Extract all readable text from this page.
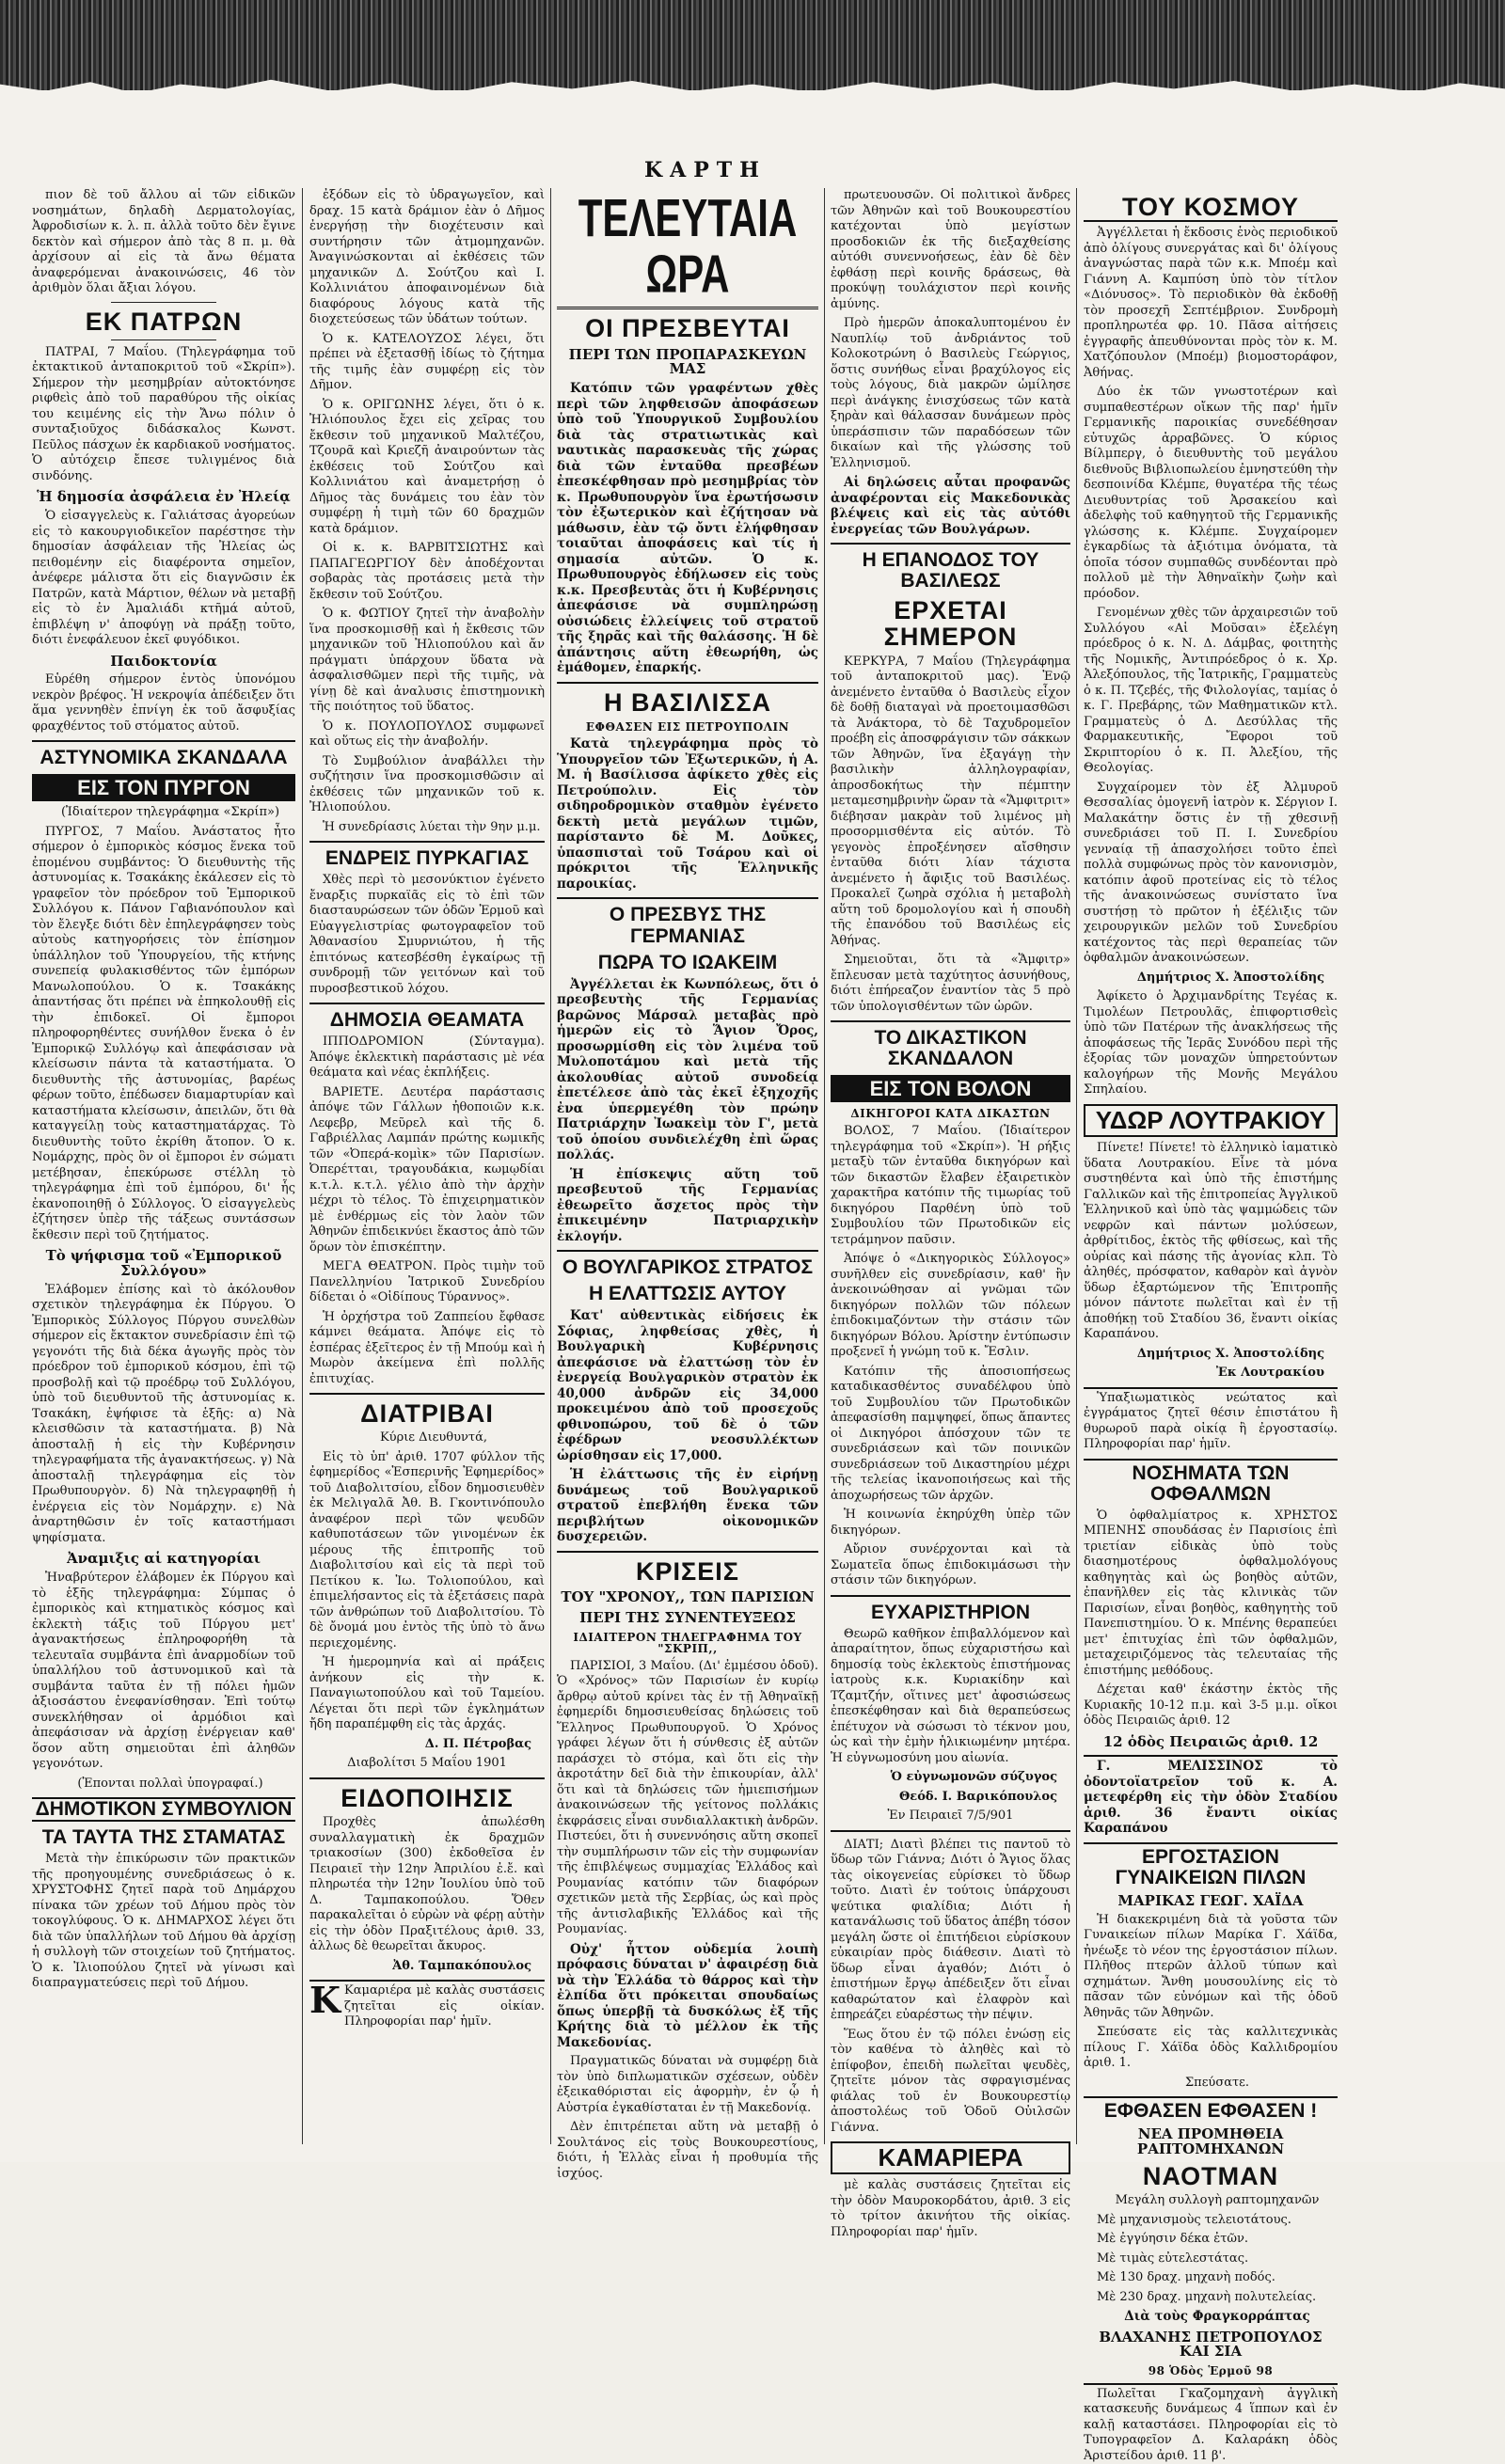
ΚΑΡΤΗ

πιον δὲ τοῦ ἄλλου αἱ τῶν εἰδικῶν νοσημάτων, δηλαδὴ Δερματολογίας, Ἀφροδισίων κ. λ. π. ἀλλὰ τοῦτο δὲν ἔγινε δεκτὸν καὶ σήμερον ἀπὸ τὰς 8 π. μ. θὰ ἀρχίσουν αἱ εἰς τὰ ἄνω θέματα ἀναφερόμεναι ἀνακοινώσεις, 46 τὸν ἀριθμὸν ὅλαι ἄξιαι λόγου.

ΕΚ ΠΑΤΡΩΝ

ΠΑΤΡΑΙ, 7 Μαΐου. (Τηλεγράφημα τοῦ ἐκτακτικοῦ ἀνταποκριτοῦ τοῦ «Σκρίπ»). Σήμερον τὴν μεσημβρίαν αὐτοκτόνησε ριφθεὶς ἀπὸ τοῦ παραθύρου τῆς οἰκίας του κειμένης εἰς τὴν Ἄνω πόλιν ὁ συνταξιοῦχος διδάσκαλος Κωνστ. Πεῦλος πάσχων ἐκ καρδιακοῦ νοσήματος. Ὁ αὐτόχειρ ἔπεσε τυλιγμένος διὰ σινδόνης.

Ἡ δημοσία ἀσφάλεια ἐν Ἠλείᾳ

Ὁ εἰσαγγελεὺς κ. Γαλιάτσας ἀγορεύων εἰς τὸ κακουργιοδικεῖον παρέστησε τὴν δημοσίαν ἀσφάλειαν τῆς Ἠλείας ὡς πειθομένην εἰς διαφέροντα σημεῖον, ἀνέφερε μάλιστα ὅτι εἰς διαγνῶσιν ἐκ Πατρῶν, κατὰ Μάρτιον, θέλων νὰ μεταβῇ εἰς τὸ ἐν Ἀμαλιάδι κτῆμά αὐτοῦ, ἐπιβλέψη ν' ἀποφύγῃ νὰ πράξῃ τοῦτο, διότι ἐνεφάλευον ἐκεῖ φυγόδικοι.

Παιδοκτονία

Εὑρέθη σήμερον ἐντὸς ὑπονόμου νεκρὸν βρέφος. Ἡ νεκροψία ἀπέδειξεν ὅτι ἅμα γεννηθὲν ἐπνίγη ἐκ τοῦ ἄσφυξίας φραχθέντος τοῦ στόματος αὐτοῦ.

ΑΣΤΥΝΟΜΙΚΑ ΣΚΑΝΔΑΛΑ
ΕΙΣ ΤΟΝ ΠΥΡΓΟΝ

(Ἰδιαίτερον τηλεγράφημα «Σκρίπ»)

ΠΥΡΓΟΣ, 7 Μαΐου. Ἀνάστατος ἦτο σήμερον ὁ ἐμπορικὸς κόσμος ἕνεκα τοῦ ἐπομένου συμβάντος: Ὁ διευθυντὴς τῆς ἀστυνομίας κ. Τσακάκης ἐκάλεσεν εἰς τὸ γραφεῖον τὸν πρόεδρον τοῦ Ἐμπορικοῦ Συλλόγου κ. Πάνον Γαβιανόπουλον καὶ τὸν ἔλεγξε διότι δὲν ἐπηλεγράφησεν τοὺς αὐτοὺς κατηγορήσεις τὸν ἐπίσημον ὑπάλληλον τοῦ Ὑπουργείου, τῆς κτήνης συνεπείᾳ φυλακισθέντος τῶν ἐμπόρων Μανωλοπούλου. Ὁ κ. Τσακάκης ἀπαντήσας ὅτι πρέπει νὰ ἐπηκολουθῇ εἰς τὴν ἐπιδοκεῖ. Οἱ ἔμποροι πληροφορηθέντες συνήλθον ἕνεκα ὁ ἐν Ἐμπορικῷ Συλλόγῳ καὶ ἀπεφάσισαν νὰ κλείσωσιν πάντα τὰ καταστήματα. Ὁ διευθυντὴς τῆς ἀστυνομίας, βαρέως φέρων τοῦτο, ἐπέδωσεν διαμαρτυρίαν καὶ καταστήματα κλείσωσιν, ἀπειλῶν, ὅτι θὰ καταγγείλῃ τοὺς καταστηματάρχας. Τὸ διευθυντὴς τοῦτο ἐκρίθη ἄτοπον. Ὁ κ. Νομάρχης, πρὸς ὃν οἱ ἔμποροι ἐν σώματι μετέβησαν, ἐπεκύρωσε στέλλη τὸ τηλεγράφημα ἐπὶ τοῦ ἐμπόρου, δι' ἧς ἐκανοποιηθῇ ὁ Σύλλογος. Ὁ εἰσαγγελεὺς ἐζήτησεν ὑπὲρ τῆς τάξεως συντάσσων ἔκθεσιν περὶ τοῦ ζητήματος.

Τὸ ψήφισμα τοῦ «Ἐμπορικοῦ Συλλόγου»

Ἐλάβομεν ἐπίσης καὶ τὸ ἀκόλουθον σχετικὸν τηλεγράφημα ἐκ Πύργου. Ὁ Ἐμπορικὸς Σύλλογος Πύργου συνελθὼν σήμερον εἰς ἔκτακτον συνεδρίασιν ἐπὶ τῷ γεγονότι τῆς διὰ δέκα ἀγωγῆς πρὸς τὸν πρόεδρον τοῦ ἐμπορικοῦ κόσμου, ἐπὶ τῷ προσβολῇ καὶ τῷ προέδρῳ τοῦ Συλλόγου, ὑπὸ τοῦ διευθυντοῦ τῆς ἀστυνομίας κ. Τσακάκη, ἐψήφισε τὰ ἑξῆς: α) Νὰ κλεισθῶσιν τὰ καταστήματα. β) Νὰ ἀποσταλῇ ἡ εἰς τὴν Κυβέρνησιν τηλεγραφήματα τῆς ἀγανακτήσεως. γ) Νὰ ἀποσταλῇ τηλεγράφημα εἰς τὸν Πρωθυπουργὸν. δ) Νὰ τηλεγραφηθῇ ἡ ἐνέργεια εἰς τὸν Νομάρχην. ε) Νὰ ἀναρτηθῶσιν ἐν τοῖς καταστήμασι ψηφίσματα.

Ἀναμιξις αἱ κατηγορίαι

Ἠναβρύτερον ἐλάβομεν ἐκ Πύργου καὶ τὸ ἑξῆς τηλεγράφημα: Σύμπας ὁ ἐμπορικὸς καὶ κτηματικὸς κόσμος καὶ ἐκλεκτὴ τάξις τοῦ Πύργου μετ' ἀγανακτήσεως ἐπληροφορήθη τὰ τελευταῖα συμβάντα ἐπὶ ἀναρμοδίων τοῦ ὑπαλλήλου τοῦ ἀστυνομικοῦ καὶ τὰ συμβάντα ταῦτα ἐν τῇ πόλει ἡμῶν ἀξιοσάστου ἐνεφανίσθησαν. Ἐπὶ τούτῳ συνεκλήθησαν οἱ ἀρμόδιοι καὶ ἀπεφάσισαν νὰ ἀρχίσῃ ἐνέργειαν καθ' ὅσον αὕτη σημειοῦται ἐπὶ ἀληθῶν γεγονότων.

(Ἐπονται πολλαὶ ὑπογραφαί.)

ΔΗΜΟΤΙΚΟΝ ΣΥΜΒΟΥΛΙΟΝ
ΤΑ ΤΑΥΤΑ ΤΗΣ ΣΤΑΜΑΤΑΣ

Μετὰ τὴν ἐπικύρωσιν τῶν πρακτικῶν τῆς προηγουμένης συνεδριάσεως ὁ κ. ΧΡΥΣΤΟΦΗΣ ζητεῖ παρὰ τοῦ Δημάρχου πίνακα τῶν χρέων τοῦ Δήμου πρὸς τὸν τοκογλύφους. Ὁ κ. ΔΗΜΑΡΧΟΣ λέγει ὅτι διὰ τῶν ὑπαλλήλων τοῦ Δήμου θὰ ἀρχίσῃ ἡ συλλογὴ τῶν στοιχείων τοῦ ζητήματος. Ὁ κ. Ἰλιοπούλου ζητεῖ νὰ γίνωσι καὶ διαπραγματεύσεις περὶ τοῦ Δήμου.

ἐξόδων εἰς τὸ ὑδραγωγεῖον, καὶ δραχ. 15 κατὰ δράμιον ἐὰν ὁ Δῆμος ἐνεργήσῃ τὴν διοχέτευσιν καὶ συντήρησιν τῶν ἀτμομηχανῶν. Ἀναγινώσκονται αἱ ἐκθέσεις τῶν μηχανικῶν Δ. Σούτζου καὶ Ι. Κολλινιάτου ἀποφαινομένων διὰ διαφόρους λόγους κατὰ τῆς διοχετεύσεως τῶν ὑδάτων τούτων.

Ὁ κ. ΚΑΤΕΛΟΥΖΟΣ λέγει, ὅτι πρέπει νὰ ἐξετασθῇ ἰδίως τὸ ζήτημα τῆς τιμῆς ἐὰν συμφέρῃ εἰς τὸν Δῆμον.

Ὁ κ. ΟΡΙΓΩΝΗΣ λέγει, ὅτι ὁ κ. Ἠλιόπουλος ἔχει εἰς χεῖρας του ἔκθεσιν τοῦ μηχανικοῦ Μαλτέζου, Τζουρᾶ καὶ Κριεζῆ ἀναιρούντων τὰς ἐκθέσεις τοῦ Σούτζου καὶ Κολλινιάτου καὶ ἀναμετρήσῃ ὁ Δῆμος τὰς δυνάμεις του ἐὰν τὸν συμφέρῃ ἡ τιμὴ τῶν 60 δραχμῶν κατὰ δράμιον.

Οἱ κ. κ. ΒΑΡΒΙΤΣΙΩΤΗΣ καὶ ΠΑΠΑΓΕΩΡΓΙΟΥ δὲν ἀποδέχονται σοβαρὰς τὰς προτάσεις μετὰ τὴν ἔκθεσιν τοῦ Σούτζου.

Ὁ κ. ΦΩΤΙΟΥ ζητεῖ τὴν ἀναβολὴν ἵνα προσκομισθῇ καὶ ἡ ἔκθεσις τῶν μηχανικῶν τοῦ Ἠλιοπούλου καὶ ἄν πράγματι ὑπάρχουν ὕδατα νὰ ἀσφαλισθῶμεν περὶ τῆς τιμῆς, νὰ γίνῃ δὲ καὶ ἀναλυσις ἐπιστημονικὴ τῆς ποιότητος τοῦ ὕδατος.

Ὁ κ. ΠΟΥΛΟΠΟΥΛΟΣ συμφωνεῖ καὶ οὕτως εἰς τὴν ἀναβολήν.

Τὸ Συμβούλιον ἀναβάλλει τὴν συζήτησιν ἵνα προσκομισθῶσιν αἱ ἐκθέσεις τῶν μηχανικῶν τοῦ κ. Ἠλιοπούλου.

Ἡ συνεδρίασις λύεται τὴν 9ην μ.μ.

ΕΝΔΡΕΙΣ ΠΥΡΚΑΓΙΑΣ

Χθὲς περὶ τὸ μεσονύκτιον ἐγένετο ἔναρξις πυρκαϊᾶς εἰς τὸ ἐπὶ τῶν διασταυρώσεων τῶν ὁδῶν Ἑρμοῦ καὶ Εὐαγγελιστρίας φωτογραφεῖον τοῦ Ἀθανασίου Σμυρνιώτου, ἡ τῆς ἐπιτόνως κατεσβέσθη ἐγκαίρως τῇ συνδρομῇ τῶν γειτόνων καὶ τοῦ πυροσβεστικοῦ λόχου.

ΔΗΜΟΣΙΑ ΘΕΑΜΑΤΑ

ΙΠΠΟΔΡΟΜΙΟΝ (Σύνταγμα). Ἀπόψε ἐκλεκτικὴ παράστασις μὲ νέα θεάματα καὶ νέας ἐκπλήξεις.

ΒΑΡΙΕΤΕ. Δευτέρα παράστασις ἀπόψε τῶν Γάλλων ἠθοποιῶν κ.κ. Λεφεβρ, Μεῦρελ καὶ τῆς δ. Γαβριέλλας Λαμπάν πρώτης κωμικῆς τῶν «Ὀπερά-κομὶκ» τῶν Παρισίων. Ὀπερέτται, τραγουδάκια, κωμῳδίαι κ.τ.λ. κ.τ.λ. γέλιο ἀπὸ τὴν ἀρχὴν μέχρι τὸ τέλος. Τὸ ἐπιχειρηματικὸν μὲ ἐνθέρμως εἰς τὸν λαὸν τῶν Ἀθηνῶν ἐπιδεικνύει ἕκαστος ἀπὸ τῶν ὅρων τὸν ἐπισκέπτην.

ΜΕΓΑ ΘΕΑΤΡΟΝ. Πρὸς τιμὴν τοῦ Πανελληνίου Ἰατρικοῦ Συνεδρίου δίδεται ὁ «Οἰδίπους Τύραννος».

Ἡ ὀρχήστρα τοῦ Ζαππείου ἔφθασε κάμνει θεάματα. Ἀπόψε εἰς τὸ ἑσπέρας ἐξεῖτερος ἐν τῇ Μπούμ καὶ ἡ Μωρὸν ἀκείμενα ἐπὶ πολλῆς ἐπιτυχίας.

ΔΙΑΤΡΙΒΑΙ

Κύριε Διευθυντά,

Εἰς τὸ ὑπ' ἀριθ. 1707 φύλλον τῆς ἐφημερίδος «Ἑσπερινῆς Ἐφημερίδος» τοῦ Διαβολιτσίου, εἶδον δημοσιευθὲν ἐκ Μελιγαλᾶ Ἀθ. Β. Γκοντινόπουλο ἀναφέρον περὶ τῶν ψευδῶν καθυποτάσεων τῶν γινομένων ἐκ μέρους τῆς ἐπιτροπῆς τοῦ Διαβολιτσίου καὶ εἰς τὰ περὶ τοῦ Πετίκου κ. Ἰω. Τολιοπούλου, καὶ ἐπιμελήσαντος εἰς τὰ ἐξετάσεις παρὰ τῶν ἀνθρώπων τοῦ Διαβολιτσίου. Τὸ δὲ ὄνομά μου ἐντὸς τῆς ὑπὸ τὸ ἄνω περιεχομένης.

Ἡ ἡμερομηνία καὶ αἱ πράξεις ἀνήκουν εἰς τὴν κ. Παναγιωτοπούλου καὶ τοῦ Ταμείου. Λέγεται ὅτι περὶ τῶν ἐγκλημάτων ἤδη παραπέμφθη εἰς τὰς ἀρχάς.

Δ. Π. Πέτροβας
Διαβολίτσι 5 Μαΐου 1901
ΕΙΔΟΠΟΙΗΣΙΣ

Προχθὲς ἀπωλέσθη συναλλαγματικὴ ἐκ δραχμῶν τριακοσίων (300) ἐκδοθεῖσα ἐν Πειραιεῖ τὴν 12ην Ἀπριλίου ἐ.ἔ. καὶ πληρωτέα τὴν 12ην Ἰουλίου ὑπὸ τοῦ Δ. Ταμπακοπούλου. Ὅθεν παρακαλεῖται ὁ εὑρὼν νὰ φέρῃ αὐτὴν εἰς τὴν ὁδὸν Πραξιτέλους ἀριθ. 33, ἀλλως δὲ θεωρεῖται ἄκυρος.

Ἀθ. Ταμπακόπουλος
Κ Καμαριέρα μὲ καλὰς συστάσεις ζητεῖται εἰς οἰκίαν. Πληροφορίαι παρ' ἡμῖν.
ΤΕΛΕΥΤΑΙΑ ΩΡΑ
ΟΙ ΠΡΕΣΒΕΥΤΑΙ
ΠΕΡΙ ΤΩΝ ΠΡΟΠΑΡΑΣΚΕΥΩΝ ΜΑΣ

Κατόπιν τῶν γραφέντων χθὲς περὶ τῶν ληφθεισῶν ἀποφάσεων ὑπὸ τοῦ Ὑπουργικοῦ Συμβουλίου διὰ τὰς στρατιωτικὰς καὶ ναυτικὰς παρασκευὰς τῆς χώρας διὰ τῶν ἐνταῦθα πρεσβέων ἐπεσκέφθησαν πρὸ μεσημβρίας τὸν κ. Πρωθυπουργὸν ἵνα ἐρωτήσωσιν τὸν ἐξωτερικὸν καὶ ἐζήτησαν νὰ μάθωσιν, ἐὰν τῷ ὄντι ἐλήφθησαν τοιαῦται ἀποφάσεις καὶ τίς ἡ σημασία αὐτῶν. Ὁ κ. Πρωθυπουργὸς ἐδήλωσεν εἰς τοὺς κ.κ. Πρεσβευτὰς ὅτι ἡ Κυβέρνησις ἀπεφάσισε νὰ συμπληρώσῃ οὐσιώδεις ἐλλείψεις τοῦ στρατοῦ τῆς ξηρᾶς καὶ τῆς θαλάσσης. Ἡ δὲ ἀπάντησις αὕτη ἐθεωρήθη, ὡς ἐμάθομεν, ἐπαρκής.

Η ΒΑΣΙΛΙΣΣΑ
ΕΦΘΑΣΕΝ ΕΙΣ ΠΕΤΡΟΥΠΟΛΙΝ

Κατὰ τηλεγράφημα πρὸς τὸ Ὑπουργεῖον τῶν Ἐξωτερικῶν, ἡ Α. Μ. ἡ Βασίλισσα ἀφίκετο χθὲς εἰς Πετρούπολιν. Εἰς τὸν σιδηροδρομικὸν σταθμὸν ἐγένετο δεκτὴ μετὰ μεγάλων τιμῶν, παρίσταντο δὲ Μ. Δοῦκες, ὑπασπισταὶ τοῦ Τσάρου καὶ οἱ πρόκριτοι τῆς Ἑλληνικῆς παροικίας.

Ο ΠΡΕΣΒΥΣ ΤΗΣ ΓΕΡΜΑΝΙΑΣ
ΠΩΡΑ ΤΟ ΙΩΑΚΕΙΜ

Ἀγγέλλεται ἐκ Κωνπόλεως, ὅτι ὁ πρεσβευτὴς τῆς Γερμανίας βαρῶνος Μάρσαλ μεταβὰς πρὸ ἡμερῶν εἰς τὸ Ἅγιον Ὄρος, προσωρμίσθη εἰς τὸν λιμένα τοῦ Μυλοποτάμου καὶ μετὰ τῆς ἀκολουθίας αὐτοῦ συνοδείᾳ ἐπετέλεσε ἀπὸ τὰς ἐκεῖ ἐξηχοχῆς ἐνα ὑπερμεγέθη τὸν πρώην Πατριάρχην Ἰωακεὶμ τὸν Γ', μετὰ τοῦ ὁποίου συνδιελέχθη ἐπὶ ὥρας πολλάς.

Ἡ ἐπίσκεψις αὕτη τοῦ πρεσβευτοῦ τῆς Γερμανίας ἐθεωρεῖτο ἄσχετος πρὸς τὴν ἐπικειμένην Πατριαρχικὴν ἐκλογήν.

Ο ΒΟΥΛΓΑΡΙΚΟΣ ΣΤΡΑΤΟΣ
Η ΕΛΑΤΤΩΣΙΣ ΑΥΤΟΥ

Κατ' αὐθεντικὰς εἰδήσεις ἐκ Σόφιας, ληφθείσας χθὲς, ἡ Βουλγαρικὴ Κυβέρνησις ἀπεφάσισε νὰ ἐλαττώσῃ τὸν ἐν ἐνεργείᾳ Βουλγαρικὸν στρατὸν ἐκ 40,000 ἀνδρῶν εἰς 34,000 προκειμένου ἀπὸ τοῦ προσεχοῦς φθινοπώρου, τοῦ δὲ ὁ τῶν ἐφέδρων νεοσυλλέκτων ὡρίσθησαν εἰς 17,000.

Ἡ ἐλάττωσις τῆς ἐν εἰρήνῃ δυνάμεως τοῦ Βουλγαρικοῦ στρατοῦ ἐπεβλήθη ἕνεκα τῶν περιβλήτων οἰκονομικῶν δυσχερειῶν.

ΚΡΙΣΕΙΣ
ΤΟΥ "ΧΡΟΝΟΥ,, ΤΩΝ ΠΑΡΙΣΙΩΝ
ΠΕΡΙ ΤΗΣ ΣΥΝΕΝΤΕΥΞΕΩΣ
ΙΔΙΑΙΤΕΡΟΝ ΤΗΛΕΓΡΑΦΗΜΑ ΤΟΥ "ΣΚΡΙΠ,,

ΠΑΡΙΣΙΟΙ, 3 Μαΐου. (Δι' ἐμμέσου ὁδοῦ). Ὁ «Χρόνος» τῶν Παρισίων ἐν κυρίῳ ἄρθρῳ αὐτοῦ κρίνει τὰς ἐν τῇ Ἀθηναϊκῇ ἐφημερίδι δημοσιευθείσας δηλώσεις τοῦ Ἕλληνος Πρωθυπουργοῦ. Ὁ Χρόνος γράφει λέγων ὅτι ἡ σύνθεσις ἐξ αὐτῶν παράσχει τὸ στόμα, καὶ ὅτι εἰς τὴν ἀκροτάτην δεῖ διὰ τὴν ἐπικουρίαν, ἀλλ' ὅτι καὶ τὰ δηλώσεις τῶν ἡμιεπισήμων ἀνακοινώσεων τῆς γείτονος πολλάκις ἐκφράσεις εἶναι συνδιαλλακτικὴ ἀνδρῶν. Πιστεύει, ὅτι ἡ συνεννόησις αὕτη σκοπεῖ τὴν συμπλήρωσιν τῶν εἰς τὴν συμφωνίαν τῆς ἐπιβλέψεως συμμαχίας Ἑλλάδος καὶ Ρουμανίας κατόπιν τῶν διαφόρων σχετικῶν μετὰ τῆς Σερβίας, ὡς καὶ πρὸς τῆς ἀντισλαβικῆς Ἑλλάδος καὶ τῆς Ρουμανίας.

Οὐχ' ἧττον οὐδεμία λοιπὴ πρόφασις δύναται ν' ἀφαιρέσῃ διὰ νὰ τὴν Ἑλλάδα τὸ θάρρος καὶ τὴν ἐλπίδα ὅτι πρόκειται σπουδαίως ὅπως ὑπερβῇ τὰ δυσκόλως ἐξ τῆς Κρήτης διὰ τὸ μέλλον ἐκ τῆς Μακεδονίας.

Πραγματικῶς δύναται νὰ συμφέρῃ διὰ τὸν ὑπὸ διπλωματικῶν σχέσεων, οὐδὲν ἐξεικαθόρισται εἰς ἀφορμὴν, ἐν ᾧ ἡ Αὐστρία ἐγκαθίσταται ἐν τῇ Μακεδονίᾳ.

Δὲν ἐπιτρέπεται αὕτη νὰ μεταβῇ ὁ Σουλτάνος εἰς τοὺς Βουκουρεστίους, διότι, ἡ Ἑλλὰς εἶναι ἡ προθυμία τῆς ἰσχύος.

πρωτευουσῶν. Οἱ πολιτικοὶ ἄνδρες τῶν Ἀθηνῶν καὶ τοῦ Βουκουρεστίου κατέχονται ὑπὸ μεγίστων προσδοκιῶν ἐκ τῆς διεξαχθείσης αὐτόθι συνεννοήσεως, ἐὰν δὲ δὲν ἐφθάσῃ περὶ κοινῆς δράσεως, θὰ προκύψῃ τουλάχιστον περὶ κοινῆς ἀμύνης.

Πρὸ ἡμερῶν ἀποκαλυπτομένου ἐν Ναυπλίῳ τοῦ ἀνδριάντος τοῦ Κολοκοτρώνη ὁ Βασιλεὺς Γεώργιος, ὅστις συνήθως εἶναι βραχύλογος εἰς τοὺς λόγους, διὰ μακρῶν ὡμίλησε περὶ ἀνάγκης ἐνισχύσεως τῶν κατὰ ξηρὰν καὶ θάλασσαν δυνάμεων πρὸς ὑπεράσπισιν τῶν παραδόσεων τῶν δικαίων καὶ τῆς γλώσσης τοῦ Ἑλληνισμοῦ.

Αἱ δηλώσεις αὗται προφανῶς ἀναφέρονται εἰς Μακεδονικὰς βλέψεις καὶ εἰς τὰς αὐτόθι ἐνεργείας τῶν Βουλγάρων.

Η ΕΠΑΝΟΔΟΣ ΤΟΥ ΒΑΣΙΛΕΩΣ
ΕΡΧΕΤΑΙ ΣΗΜΕΡΟΝ

ΚΕΡΚΥΡΑ, 7 Μαΐου (Τηλεγράφημα τοῦ ἀνταποκριτοῦ μας). Ἐνῷ ἀνεμένετο ἐνταῦθα ὁ Βασιλεὺς εἶχον δὲ δοθῇ διαταγαὶ νὰ προετοιμασθῶσι τὰ Ἀνάκτορα, τὸ δὲ Ταχυδρομεῖον προέβη εἰς ἀποσφράγισιν τῶν σάκκων τῶν Ἀθηνῶν, ἵνα ἐξαγάγῃ τὴν βασιλικὴν ἀλληλογραφίαν, ἀπροσδοκήτως τὴν πέμπτην μεταμεσημβρινὴν ὥραν τὰ «Ἅμφιτριτ» διέβησαν μακρὰν τοῦ λιμένος μὴ προσορμισθέντα εἰς αὐτόν. Τὸ γεγονὸς ἐπροξένησεν αἴσθησιν ἐνταῦθα διότι λίαν τάχιστα ἀνεμένετο ἡ ἄφιξις τοῦ Βασιλέως. Προκαλεῖ ζωηρὰ σχόλια ἡ μεταβολὴ αὕτη τοῦ δρομολογίου καὶ ἡ σπουδὴ τῆς ἐπανόδου τοῦ Βασιλέως εἰς Ἀθήνας.

Σημειοῦται, ὅτι τὰ «Ἅμφιτρ» ἔπλευσαν μετὰ ταχύτητος ἀσυνήθους, διότι ἐπήρεαζον ἐναντίον τὰς 5 πρὸ τῶν ὑπολογισθέντων τῶν ὡρῶν.

ΤΟ ΔΙΚΑΣΤΙΚΟΝ ΣΚΑΝΔΑΛΟΝ
ΕΙΣ ΤΟΝ ΒΟΛΟΝ
ΔΙΚΗΓΟΡΟΙ ΚΑΤΑ ΔΙΚΑΣΤΩΝ

ΒΟΛΟΣ, 7 Μαΐου. (Ἰδιαίτερον τηλεγράφημα τοῦ «Σκρίπ»). Ἡ ρήξις μεταξὺ τῶν ἐνταῦθα δικηγόρων καὶ τῶν δικαστῶν ἔλαβεν ἐξαιρετικὸν χαρακτῆρα κατόπιν τῆς τιμωρίας τοῦ δικηγόρου Παρθένη ὑπὸ τοῦ Συμβουλίου τῶν Πρωτοδικῶν εἰς τετράμηνον παῦσιν.

Ἀπόψε ὁ «Δικηγορικὸς Σύλλογος» συνῆλθεν εἰς συνεδρίασιν, καθ' ἣν ἀνεκοινώθησαν αἱ γνῶμαι τῶν δικηγόρων πολλῶν τῶν πόλεων ἐπιδοκιμαζόντων τὴν στάσιν τῶν δικηγόρων Βόλου. Ἀρίστην ἐντύπωσιν προξενεῖ ἡ γνώμη τοῦ κ. Ἔσλιν.

Κατόπιν τῆς ἀποσιοπήσεως καταδικασθέντος συναδέλφου ὑπὸ τοῦ Συμβουλίου τῶν Πρωτοδικῶν ἀπεφασίσθη παμψηφεί, ὅπως ἅπαντες οἱ Δικηγόροι ἀπόσχουν τῶν τε συνεδριάσεων καὶ τῶν ποινικῶν συνεδριάσεων τοῦ Δικαστηρίου μέχρι τῆς τελείας ἱκανοποιήσεως καὶ τῆς ἀποχωρήσεως τῶν ἀρχῶν.

Ἡ κοινωνία ἐκηρύχθη ὑπὲρ τῶν δικηγόρων.

Αὔριον συνέρχονται καὶ τὰ Σωματεῖα ὅπως ἐπιδοκιμάσωσι τὴν στάσιν τῶν δικηγόρων.

ΕΥΧΑΡΙΣΤΗΡΙΟΝ

Θεωρῶ καθῆκον ἐπιβαλλόμενον καὶ ἀπαραίτητον, ὅπως εὐχαριστήσω καὶ δημοσίᾳ τοὺς ἐκλεκτοὺς ἐπιστήμονας ἰατροὺς κ.κ. Κυριακίδην καὶ Τζαμτζήν, οἵτινες μετ' ἀφοσιώσεως ἐπεσκέφθησαν καὶ διὰ θεραπεύσεως ἐπέτυχον νὰ σώσωσι τὸ τέκνον μου, ὡς καὶ τὴν ἐμὴν ἡλικιωμένην μητέρα. Ἡ εὐγνωμοσύνη μου αἰωνία.

Ὁ εὐγνωμονῶν σύζυγος
Θεόδ. Ι. Βαρικόπουλος
Ἐν Πειραιεῖ 7/5/901

ΔΙΑΤΙ; Διατὶ βλέπει τις παντοῦ τὸ ὕδωρ τῶν Γιάννα; Διότι ὁ Ἄγιος ὅλας τὰς οἰκογενείας εὑρίσκει τὸ ὕδωρ τοῦτο. Διατὶ ἐν τούτοις ὑπάρχουσι ψεύτικα φιαλίδια; Διότι ἡ κατανάλωσις τοῦ ὕδατος ἀπέβη τόσον μεγάλη ὥστε οἱ ἐπιτήδειοι εὑρίσκουν εὐκαιρίαν πρὸς διάθεσιν. Διατὶ τὸ ὕδωρ εἶναι ἀγαθόν; Διότι ὁ ἐπιστήμων ἔργῳ ἀπέδειξεν ὅτι εἶναι καθαρώτατον καὶ ἐλαφρὸν καὶ ἐπηρεάζει εὐαρέστως τὴν πέψιν.

Ἕως ὅτου ἐν τῷ πόλει ἐνώσῃ εἰς τὸν καθένα τὸ ἀληθὲς καὶ τὸ ἐπίφοβον, ἐπειδὴ πωλεῖται ψευδὲς, ζητεῖτε μόνον τὰς σφραγισμένας φιάλας τοῦ ἐν Βουκουρεστίῳ ἀποστολέως τοῦ Ὁδοῦ Οὐιλσῶν Γιάννα.

ΚΑΜΑΡΙΕΡΑ

μὲ καλὰς συστάσεις ζητεῖται εἰς τὴν ὁδὸν Μαυροκορδάτου, ἀριθ. 3 εἰς τὸ τρίτον ἀκινήτου τῆς οἰκίας. Πληροφορίαι παρ' ἡμῖν.

ΤΟΥ ΚΟΣΜΟΥ

Ἀγγέλλεται ἡ ἔκδοσις ἑνὸς περιοδικοῦ ἀπὸ ὀλίγους συνεργάτας καὶ δι' ὀλίγους ἀναγνώστας παρὰ τῶν κ.κ. Μποέμ καὶ Γιάννη Α. Καμπύση ὑπὸ τὸν τίτλον «Διόνυσος». Τὸ περιοδικὸν θὰ ἐκδοθῇ τὸν προσεχῆ Σεπτέμβριον. Συνδρομὴ προπληρωτέα φρ. 10. Πᾶσα αἰτήσεις ἐγγραφῆς ἀπευθύνονται πρὸς τὸν κ. Μ. Χατζόπουλον (Μποέμ) βιομοστοράφον, Ἀθήνας.

Δύο ἐκ τῶν γνωστοτέρων καὶ συμπαθεστέρων οἴκων τῆς παρ' ἡμῖν Γερμανικῆς παροικίας συνεδέθησαν εὐτυχῶς ἀρραβῶνες. Ὁ κύριος Βίλμπεργ, ὁ διευθυντὴς τοῦ μεγάλου διεθνοῦς Βιβλιοπωλείου ἐμνηστεύθη τὴν δεσποινίδα Κλέμπε, θυγατέρα τῆς τέως Διευθυντρίας τοῦ Ἀρσακείου καὶ ἀδελφὴς τοῦ καθηγητοῦ τῆς Γερμανικῆς γλώσσης κ. Κλέμπε. Συγχαίρομεν ἐγκαρδίως τὰ ἀξιότιμα ὀνόματα, τὰ ὁποῖα τόσον συμπαθῶς συνδέονται πρὸ πολλοῦ μὲ τὴν Ἀθηναϊκὴν ζωὴν καὶ πρόοδον.

Γενομένων χθὲς τῶν ἀρχαιρεσιῶν τοῦ Συλλόγου «Αἱ Μοῦσαι» ἐξελέγη πρόεδρος ὁ κ. Ν. Δ. Δάμβας, φοιτητὴς τῆς Νομικῆς, Ἀντιπρόεδρος ὁ κ. Χρ. Ἀλεξόπουλος, τῆς Ἰατρικῆς, Γραμματεὺς ὁ κ. Π. Τζεβές, τῆς Φιλολογίας, ταμίας ὁ κ. Γ. Πρεβάρης, τῶν Μαθηματικῶν κτλ. Γραμματεὺς ὁ Δ. Δεσύλλας τῆς Φαρμακευτικῆς, Ἔφοροι τοῦ Σκριπτορίου ὁ κ. Π. Ἀλεξίου, τῆς Θεολογίας.

Συγχαίρομεν τὸν ἐξ Ἀλμυροῦ Θεσσαλίας ὁμογενῆ ἰατρὸν κ. Σέργιον Ι. Μαλακάτην ὅστις ἐν τῇ χθεσινῇ συνεδριάσει τοῦ Π. Ι. Συνεδρίου γενναίᾳ τῇ ἀπασχολήσει τοῦτο ἐπεὶ πολλὰ συμφώνως πρὸς τὸν κανονισμὸν, κατόπιν ἀφοῦ προτείνας εἰς τὸ τέλος τῆς ἀνακοινώσεως συνίστατο ἵνα συστήσῃ τὸ πρῶτον ἡ ἐξέλιξις τῶν χειρουργικῶν μελῶν τοῦ Συνεδρίου κατέχοντος τὰς περὶ θεραπείας τῶν ὀφθαλμῶν ἀνακοινώσεων.

Δημήτριος Χ. Ἀποστολίδης

Ἀφίκετο ὁ Ἀρχιμανδρίτης Τεγέας κ. Τιμολέων Πετρουλᾶς, ἐπιφορτισθεὶς ὑπὸ τῶν Πατέρων τῆς ἀνακλήσεως τῆς ἀποφάσεως τῆς Ἱερᾶς Συνόδου περὶ τῆς ἐξορίας τῶν μοναχῶν ὑπηρετούντων καλογήρων τῆς Μονῆς Μεγάλου Σπηλαίου.

ΥΔΩΡ ΛΟΥΤΡΑΚΙΟΥ

Πίνετε! Πίνετε! τὸ ἐλληνικὸ ἰαματικὸ ὕδατα Λουτρακίου. Εἶνε τὰ μόνα συστηθέντα καὶ ὑπὸ τῆς ἐπιστήμης Γαλλικῶν καὶ τῆς ἐπιτροπείας Ἀγγλικοῦ Ἑλληνικοῦ καὶ ὑπὸ τὰς ψαμμώδεις τῶν νεφρῶν καὶ πάντων μολύσεων, ἀρθρίτιδος, ἐκτὸς τῆς φθίσεως, καὶ τῆς οὐρίας καὶ πάσης τῆς ἀγονίας κλπ. Τὸ ἀληθές, πρόσφατον, καθαρὸν καὶ ἀγνὸν ὕδωρ ἐξαρτώμενον τῆς Ἐπιτροπῆς μόνον πάντοτε πωλεῖται καὶ ἐν τῇ ἀποθήκῃ τοῦ Σταδίου 36, ἔναντι οἰκίας Καραπάνου.

Δημήτριος Χ. Ἀποστολίδης
Ἐκ Λουτρακίου

Ὑπαξιωματικὸς νεώτατος καὶ ἐγγράματος ζητεῖ θέσιν ἐπιστάτου ἢ θυρωροῦ παρὰ οἰκίᾳ ἢ ἐργοστασίῳ. Πληροφορίαι παρ' ἡμῖν.

ΝΟΣΗΜΑΤΑ ΤΩΝ ΟΦΘΑΛΜΩΝ

Ὁ ὀφθαλμίατρος κ. ΧΡΗΣΤΟΣ ΜΠΕΝΗΣ σπουδάσας ἐν Παρισίοις ἐπὶ τριετίαν εἰδικὰς ὑπὸ τοὺς διασημοτέρους ὀφθαλμολόγους καθηγητὰς καὶ ὡς βοηθὸς αὐτῶν, ἐπανῆλθεν εἰς τὰς κλινικὰς τῶν Παρισίων, εἶναι βοηθὸς, καθηγητὴς τοῦ Πανεπιστημίου. Ὁ κ. Μπένης θεραπεύει μετ' ἐπιτυχίας ἐπὶ τῶν ὀφθαλμῶν, μεταχειριζόμενος τὰς τελευταίας τῆς ἐπιστήμης μεθόδους.

Δέχεται καθ' ἑκάστην ἐκτὸς τῆς Κυριακῆς 10-12 π.μ. καὶ 3-5 μ.μ. οἴκοι ὁδὸς Πειραιῶς ἀριθ. 12

12 ὁδὸς Πειραιῶς ἀριθ. 12

Γ. ΜΕΛΙΣΣΙΝΟΣ τὸ ὀδοντοϊατρεῖον τοῦ κ. Α. μετεφέρθη εἰς τὴν ὁδὸν Σταδίου ἀριθ. 36 ἔναντι οἰκίας Καραπάνου

ΕΡΓΟΣΤΑΣΙΟΝ ΓΥΝΑΙΚΕΙΩΝ ΠΙΛΩΝ
ΜΑΡΙΚΑΣ ΓΕΩΓ. ΧΑΪΔΑ

Ἡ διακεκριμένη διὰ τὰ γοῦστα τῶν Γυναικείων πίλων Μαρίκα Γ. Χάϊδα, ἠνέωξε τὸ νέον της ἐργοστάσιον πίλων. Πλῆθος πτερῶν ἀλλοῦ τύπων καὶ σχημάτων. Ἄνθη μουσουλίνης εἰς τὸ πᾶσαν τῶν εὐνόμων καὶ τῆς ὁδοῦ Ἀθηνᾶς τῶν Ἀθηνῶν.

Σπεύσατε εἰς τὰς καλλιτεχνικὰς πίλους Γ. Χάϊδα ὁδὸς Καλλιδρομίου ἀριθ. 1.

Σπεύσατε.

ΕΦΘΑΣΕΝ ΕΦΘΑΣΕΝ !
ΝΕΑ ΠΡΟΜΗΘΕΙΑ ΡΑΠΤΟΜΗΧΑΝΩΝ
ΝΑΟΤΜΑΝ

Μεγάλη συλλογὴ ραπτομηχανῶν

Μὲ μηχανισμοὺς τελειοτάτους.
Μὲ ἐγγύησιν δέκα ἐτῶν.
Μὲ τιμὰς εὐτελεστάτας.
Μὲ 130 δραχ. μηχανὴ ποδός.
Μὲ 230 δραχ. μηχανὴ πολυτελείας.

Διὰ τοὺς Φραγκορράπτας

ΒΛΑΧΑΝΗΣ ΠΕΤΡΟΠΟΥΛΟΣ ΚΑΙ ΣΙΑ
98 Ὁδὸς Ἑρμοῦ 98

Πωλεῖται Γκαζομηχανὴ ἀγγλικὴ κατασκευῆς δυνάμεως 4 ἵππων καὶ ἐν καλῇ καταστάσει. Πληροφορίαι εἰς τὸ Τυπογραφεῖον Δ. Καλαράκη ὁδὸς Ἀριστείδου ἀριθ. 11 β'.
